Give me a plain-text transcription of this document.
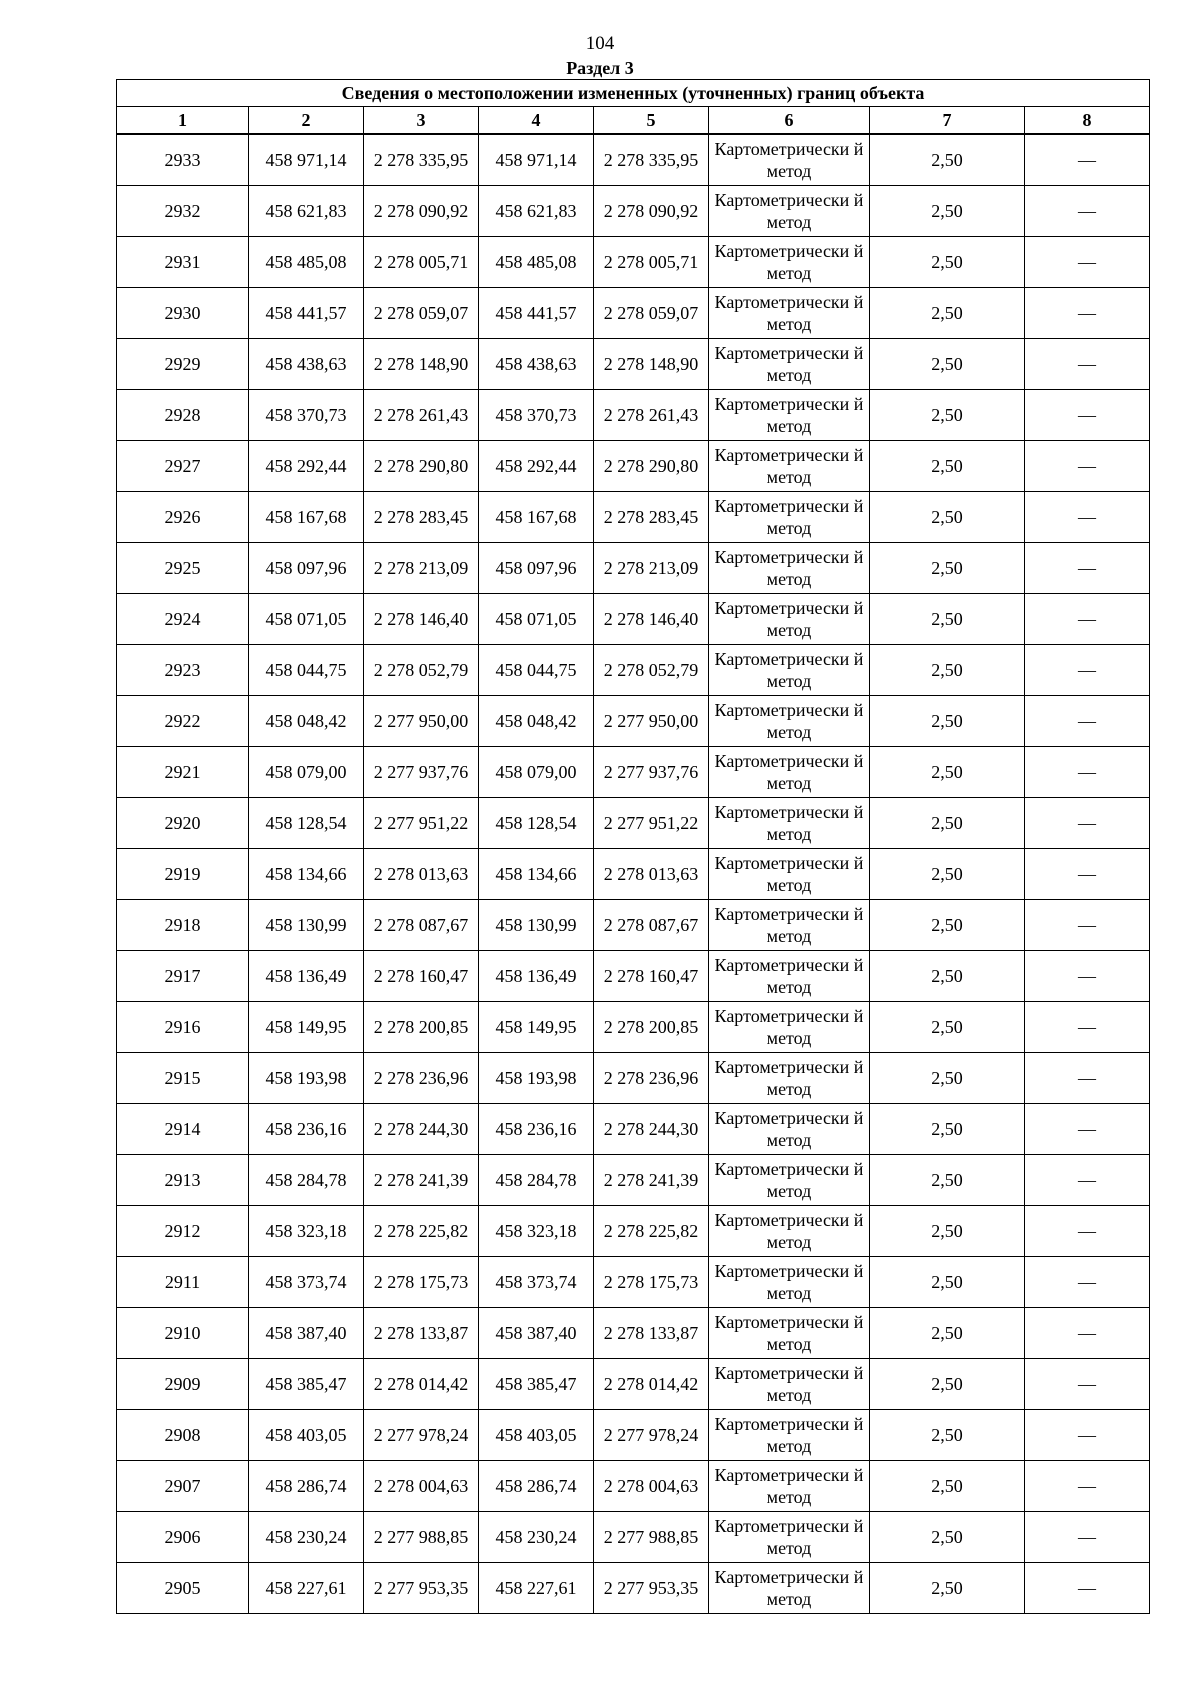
104
Раздел 3
Сведения о местоположении измененных (уточненных) границ объекта							
1	2	3	4	5	6	7	8
2933	458 971,14	2 278 335,95	458 971,14	2 278 335,95	Картометрически й метод	2,50	—
2932	458 621,83	2 278 090,92	458 621,83	2 278 090,92	Картометрически й метод	2,50	—
2931	458 485,08	2 278 005,71	458 485,08	2 278 005,71	Картометрически й метод	2,50	—
2930	458 441,57	2 278 059,07	458 441,57	2 278 059,07	Картометрически й метод	2,50	—
2929	458 438,63	2 278 148,90	458 438,63	2 278 148,90	Картометрически й метод	2,50	—
2928	458 370,73	2 278 261,43	458 370,73	2 278 261,43	Картометрически й метод	2,50	—
2927	458 292,44	2 278 290,80	458 292,44	2 278 290,80	Картометрически й метод	2,50	—
2926	458 167,68	2 278 283,45	458 167,68	2 278 283,45	Картометрически й метод	2,50	—
2925	458 097,96	2 278 213,09	458 097,96	2 278 213,09	Картометрически й метод	2,50	—
2924	458 071,05	2 278 146,40	458 071,05	2 278 146,40	Картометрически й метод	2,50	—
2923	458 044,75	2 278 052,79	458 044,75	2 278 052,79	Картометрически й метод	2,50	—
2922	458 048,42	2 277 950,00	458 048,42	2 277 950,00	Картометрически й метод	2,50	—
2921	458 079,00	2 277 937,76	458 079,00	2 277 937,76	Картометрически й метод	2,50	—
2920	458 128,54	2 277 951,22	458 128,54	2 277 951,22	Картометрически й метод	2,50	—
2919	458 134,66	2 278 013,63	458 134,66	2 278 013,63	Картометрически й метод	2,50	—
2918	458 130,99	2 278 087,67	458 130,99	2 278 087,67	Картометрически й метод	2,50	—
2917	458 136,49	2 278 160,47	458 136,49	2 278 160,47	Картометрически й метод	2,50	—
2916	458 149,95	2 278 200,85	458 149,95	2 278 200,85	Картометрически й метод	2,50	—
2915	458 193,98	2 278 236,96	458 193,98	2 278 236,96	Картометрически й метод	2,50	—
2914	458 236,16	2 278 244,30	458 236,16	2 278 244,30	Картометрически й метод	2,50	—
2913	458 284,78	2 278 241,39	458 284,78	2 278 241,39	Картометрически й метод	2,50	—
2912	458 323,18	2 278 225,82	458 323,18	2 278 225,82	Картометрически й метод	2,50	—
2911	458 373,74	2 278 175,73	458 373,74	2 278 175,73	Картометрически й метод	2,50	—
2910	458 387,40	2 278 133,87	458 387,40	2 278 133,87	Картометрически й метод	2,50	—
2909	458 385,47	2 278 014,42	458 385,47	2 278 014,42	Картометрически й метод	2,50	—
2908	458 403,05	2 277 978,24	458 403,05	2 277 978,24	Картометрически й метод	2,50	—
2907	458 286,74	2 278 004,63	458 286,74	2 278 004,63	Картометрически й метод	2,50	—
2906	458 230,24	2 277 988,85	458 230,24	2 277 988,85	Картометрически й метод	2,50	—
2905	458 227,61	2 277 953,35	458 227,61	2 277 953,35	Картометрически й метод	2,50	—
